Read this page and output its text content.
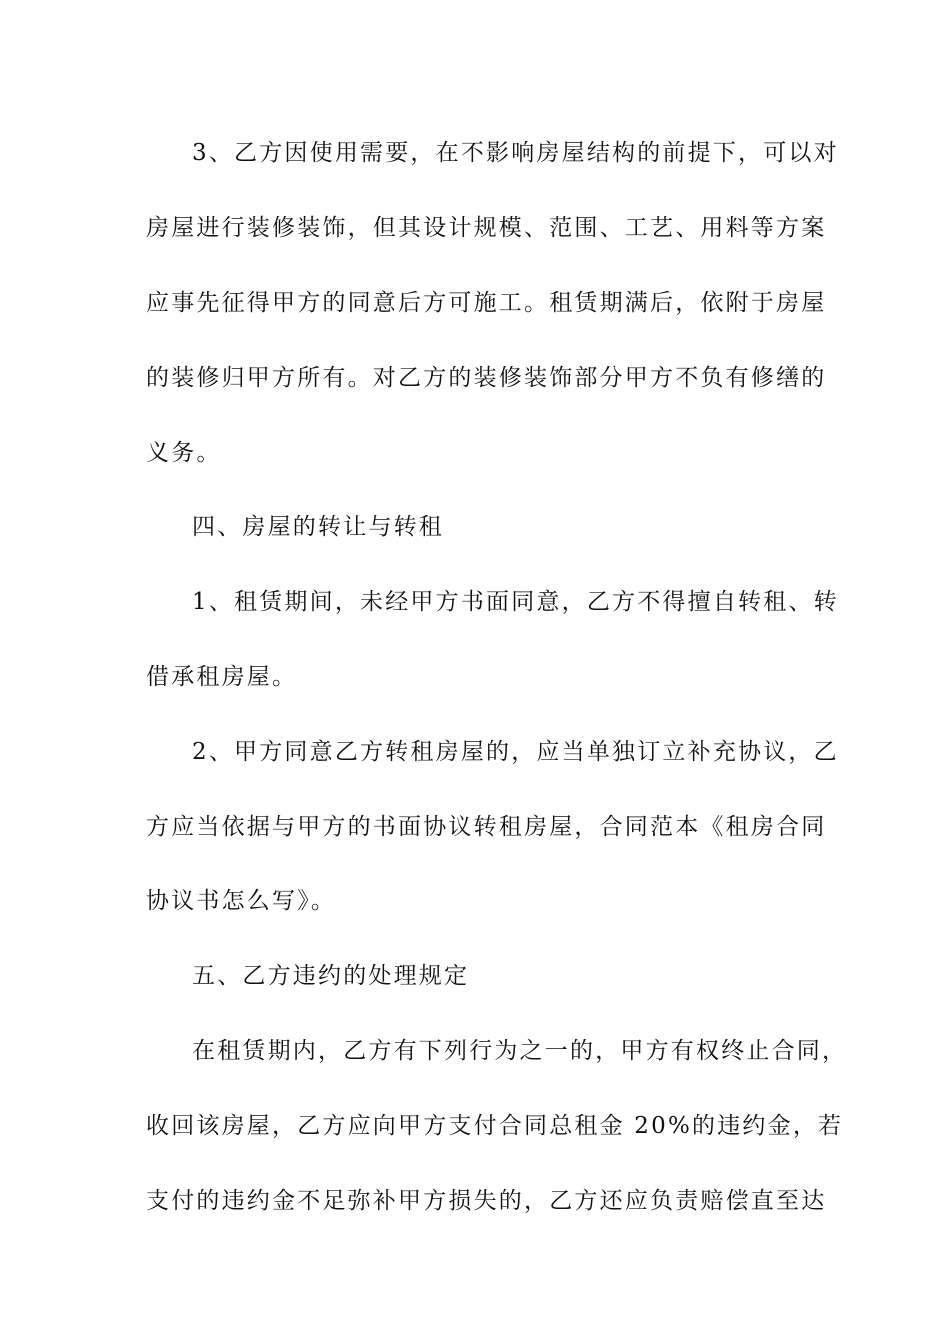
3、乙方因使用需要，在不影响房屋结构的前提下，可以对
房屋进行装修装饰，但其设计规模、范围、工艺、用料等方案
应事先征得甲方的同意后方可施工。租赁期满后，依附于房屋
的装修归甲方所有。对乙方的装修装饰部分甲方不负有修缮的
义务。
四、房屋的转让与转租
1、租赁期间，未经甲方书面同意，乙方不得擅自转租、转
借承租房屋。
2、甲方同意乙方转租房屋的，应当单独订立补充协议，乙
方应当依据与甲方的书面协议转租房屋，合同范本《租房合同
协议书怎么写》。
五、乙方违约的处理规定
在租赁期内，乙方有下列行为之一的，甲方有权终止合同，
收回该房屋，乙方应向甲方支付合同总租金 20%的违约金，若
支付的违约金不足弥补甲方损失的，乙方还应负责赔偿直至达
